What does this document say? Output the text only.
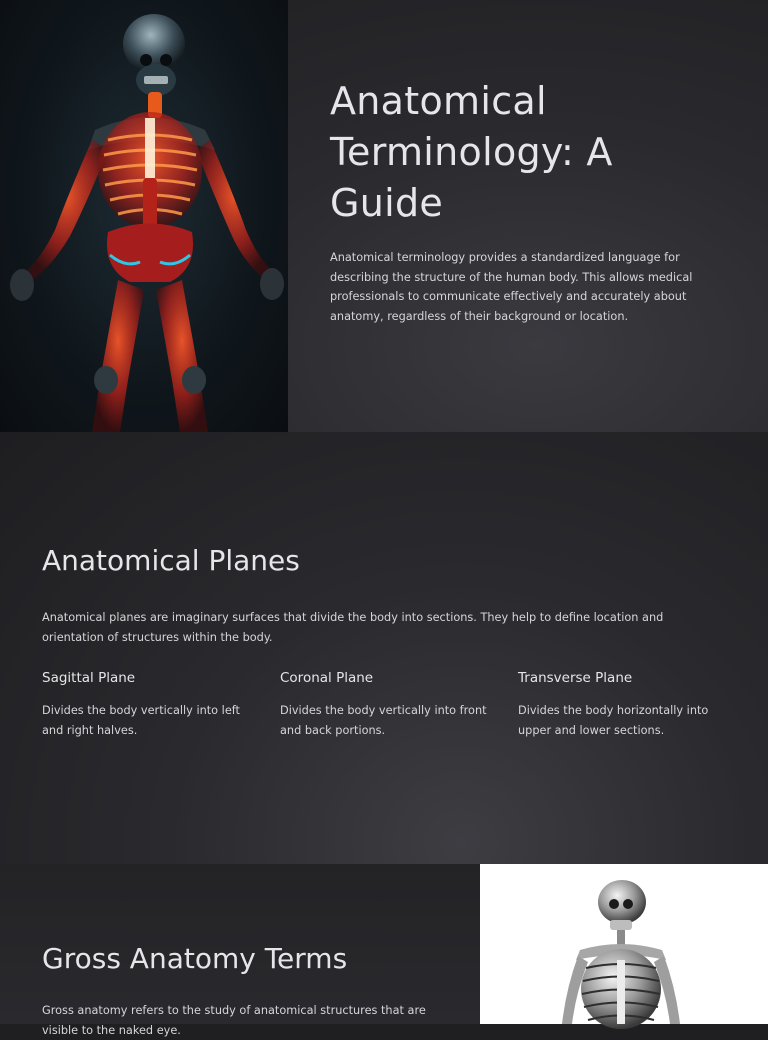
Anatomical Terminology: A Guide

Anatomical terminology provides a standardized language for describing the structure of the human body. This allows medical professionals to communicate effectively and accurately about anatomy, regardless of their background or location.

Anatomical Planes

Anatomical planes are imaginary surfaces that divide the body into sections. They help to define location and orientation of structures within the body.

Sagittal Plane

Divides the body vertically into left and right halves.

Coronal Plane

Divides the body vertically into front and back portions.

Transverse Plane

Divides the body horizontally into upper and lower sections.

Gross Anatomy Terms

Gross anatomy refers to the study of anatomical structures that are visible to the naked eye.
